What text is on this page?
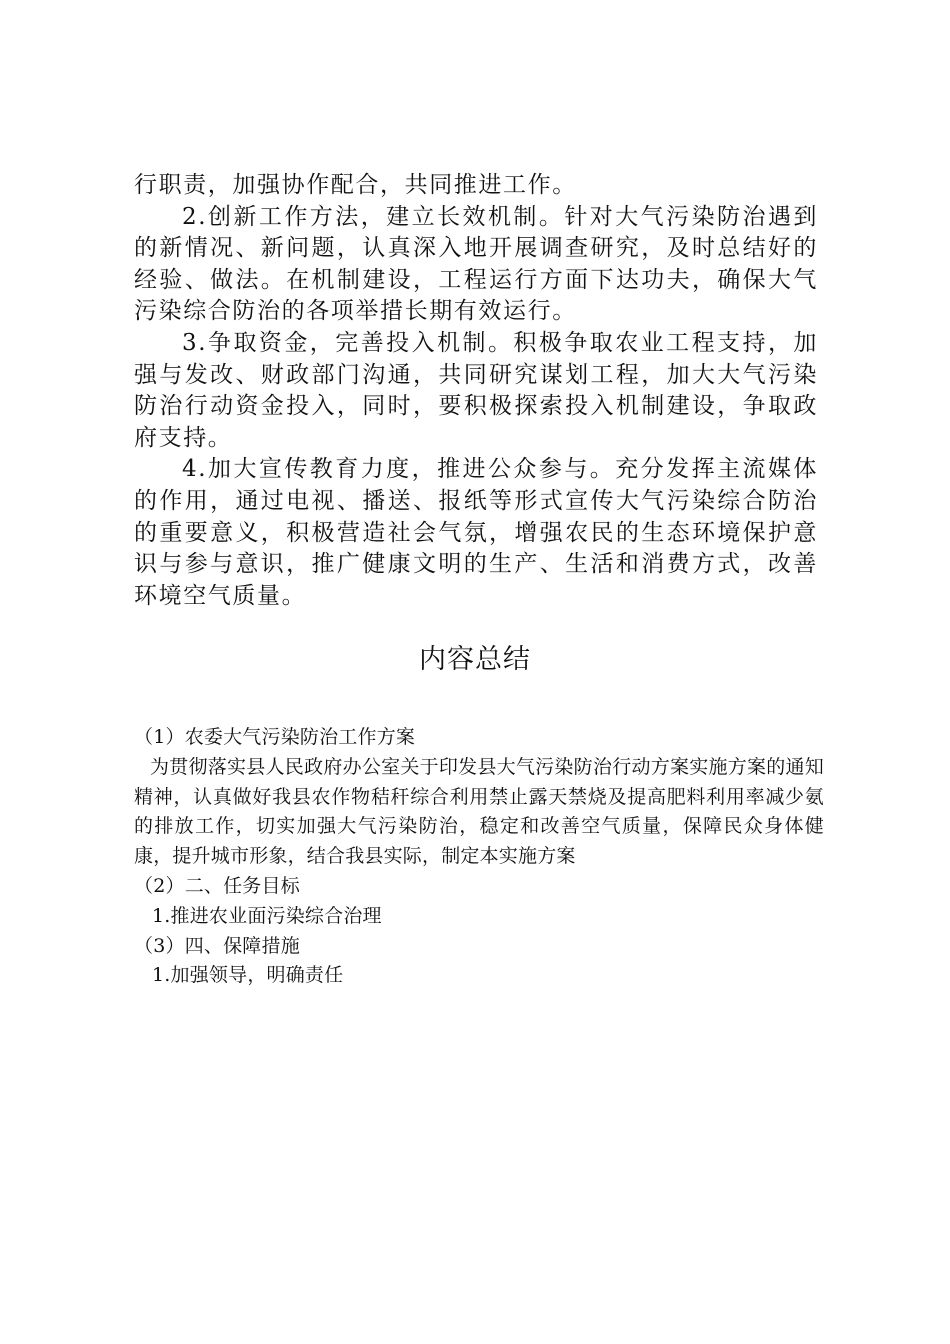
行职责，加强协作配合，共同推进工作。

2.创新工作方法，建立长效机制。针对大气污染防治遇到的新情况、新问题，认真深入地开展调查研究，及时总结好的经验、做法。在机制建设，工程运行方面下达功夫，确保大气污染综合防治的各项举措长期有效运行。

3.争取资金，完善投入机制。积极争取农业工程支持，加强与发改、财政部门沟通，共同研究谋划工程，加大大气污染防治行动资金投入，同时，要积极探索投入机制建设，争取政府支持。

4.加大宣传教育力度，推进公众参与。充分发挥主流媒体的作用，通过电视、播送、报纸等形式宣传大气污染综合防治的重要意义，积极营造社会气氛，增强农民的生态环境保护意识与参与意识，推广健康文明的生产、生活和消费方式，改善环境空气质量。

内容总结

（1）农委大气污染防治工作方案

为贯彻落实县人民政府办公室关于印发县大气污染防治行动方案实施方案的通知精神，认真做好我县农作物秸秆综合利用禁止露天禁烧及提高肥料利用率减少氨的排放工作，切实加强大气污染防治，稳定和改善空气质量，保障民众身体健康，提升城市形象，结合我县实际，制定本实施方案

（2）二、任务目标

1.推进农业面污染综合治理

（3）四、保障措施

1.加强领导，明确责任
